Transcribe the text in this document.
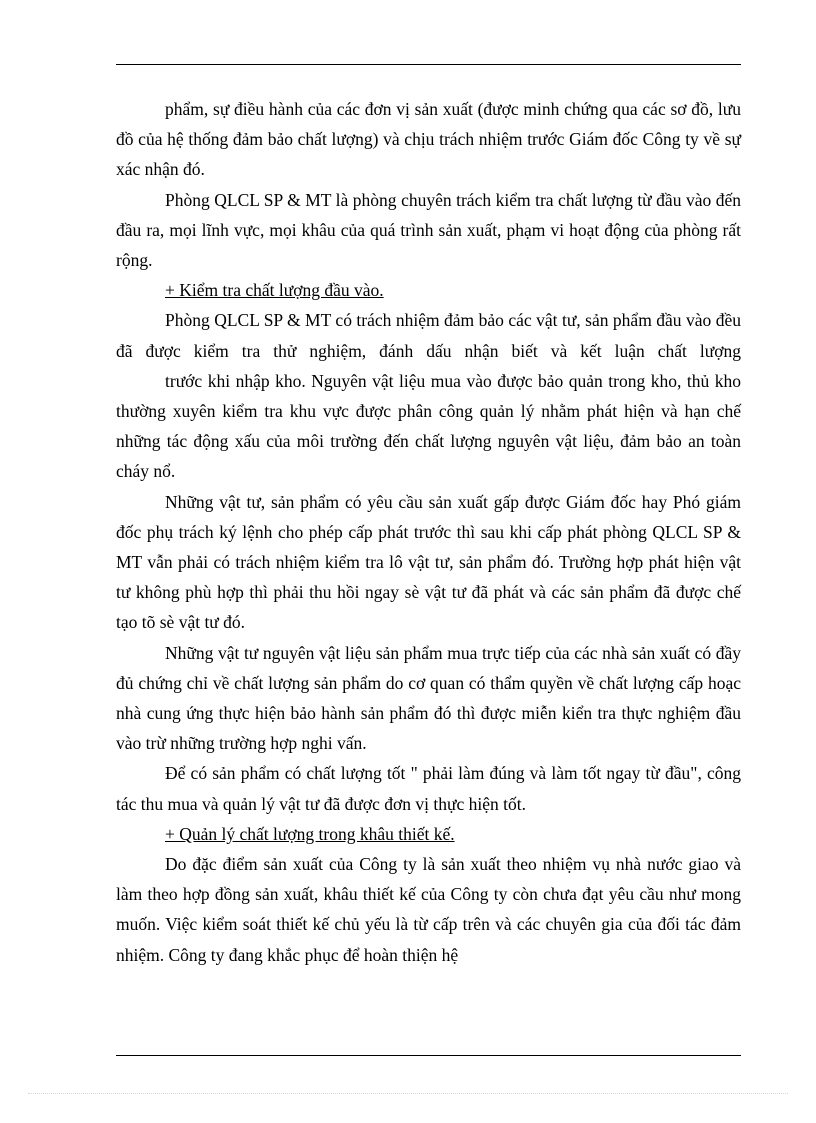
phẩm, sự điều hành của các đơn vị sản xuất (được minh chứng qua các sơ đồ, lưu đồ của hệ thống đảm bảo chất lượng) và chịu trách nhiệm trước Giám đốc Công ty về sự xác nhận đó.

Phòng QLCL SP & MT là phòng chuyên trách kiểm tra chất lượng từ đầu vào đến đầu ra, mọi lĩnh vực, mọi khâu của quá trình sản xuất, phạm vi hoạt động của phòng rất rộng.

+ Kiểm tra chất lượng đầu vào.

Phòng QLCL SP & MT có trách nhiệm đảm bảo các vật tư, sản phẩm đầu vào đều đã được kiểm tra thử nghiệm, đánh dấu nhận biết và kết luận chất lượng

trước khi nhập kho. Nguyên vật liệu mua vào được bảo quản trong kho, thủ kho thường xuyên kiểm tra khu vực được phân công quản lý nhằm phát hiện và hạn chế những tác động xấu của môi trường đến chất lượng nguyên vật liệu, đảm bảo an toàn cháy nổ.

Những vật tư, sản phẩm có yêu cầu sản xuất gấp được Giám đốc hay Phó giám đốc phụ trách ký lệnh cho phép cấp phát trước thì sau khi cấp phát phòng QLCL SP & MT vẫn phải có trách nhiệm kiểm tra lô vật tư, sản phẩm đó. Trường hợp phát hiện vật tư không phù hợp thì phải thu hồi ngay sè vật tư đã phát và các sản phẩm đã được chế tạo tõ sè vật tư đó.

Những vật tư nguyên vật liệu sản phẩm mua trực tiếp của các nhà sản xuất có đầy đủ chứng chỉ về chất lượng sản phẩm do cơ quan có thẩm quyền về chất lượng cấp hoạc nhà cung ứng thực hiện bảo hành sản phẩm đó thì được miễn kiển tra thực nghiệm đầu vào trừ những trường hợp nghi vấn.

Để có sản phẩm có chất lượng tốt " phải làm đúng và làm tốt ngay từ đầu", công tác thu mua và quản lý vật tư đã được đơn vị thực hiện tốt.

+ Quản lý chất lượng trong khâu thiết kế.

Do đặc điểm sản xuất của Công ty là sản xuất theo nhiệm vụ nhà nước giao và làm theo hợp đồng sản xuất, khâu thiết kế của Công ty còn chưa đạt yêu cầu như mong muốn. Việc kiểm soát thiết kế chủ yếu là từ cấp trên và các chuyên gia của đối tác đảm nhiệm. Công ty đang khắc phục để hoàn thiện hệ
